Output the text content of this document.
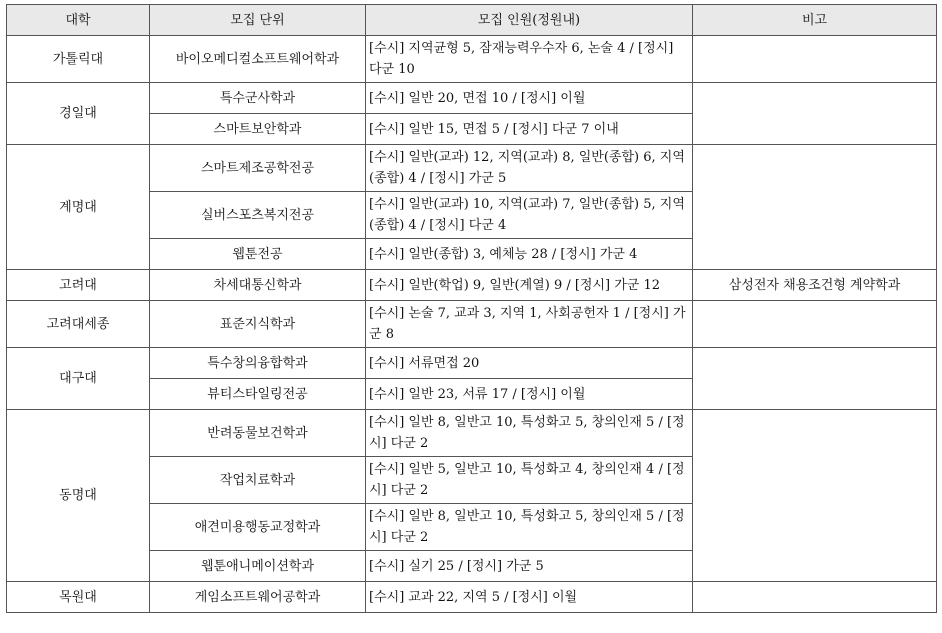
대학	모집 단위	모집 인원(정원내)	비고
가톨릭대	바이오메디컬소프트웨어학과	[수시] 지역균형 5, 잠재능력우수자 6, 논술 4 / [정시] 다군 10	
경일대	특수군사학과	[수시] 일반 20, 면접 10 / [정시] 이월	
	스마트보안학과	[수시] 일반 15, 면접 5 / [정시] 다군 7 이내	
계명대	스마트제조공학전공	[수시] 일반(교과) 12, 지역(교과) 8, 일반(종합) 6, 지역(종합) 4 / [정시] 가군 5	
	실버스포츠복지전공	[수시] 일반(교과) 10, 지역(교과) 7, 일반(종합) 5, 지역(종합) 4 / [정시] 다군 4	
	웹툰전공	[수시] 일반(종합) 3, 예체능 28 / [정시] 가군 4	
고려대	차세대통신학과	[수시] 일반(학업) 9, 일반(계열) 9 / [정시] 가군 12	삼성전자 채용조건형 계약학과
고려대세종	표준지식학과	[수시] 논술 7, 교과 3, 지역 1, 사회공헌자 1 / [정시] 가군 8	
대구대	특수창의융합학과	[수시] 서류면접 20	
	뷰티스타일링전공	[수시] 일반 23, 서류 17 / [정시] 이월	
동명대	반려동물보건학과	[수시] 일반 8, 일반고 10, 특성화고 5, 창의인재 5 / [정시] 다군 2	
	작업치료학과	[수시] 일반 5, 일반고 10, 특성화고 4, 창의인재 4 / [정시] 다군 2	
	애견미용행동교정학과	[수시] 일반 8, 일반고 10, 특성화고 5, 창의인재 5 / [정시] 다군 2	
	웹툰애니메이션학과	[수시] 실기 25 / [정시] 가군 5	
목원대	게임소프트웨어공학과	[수시] 교과 22, 지역 5 / [정시] 이월	
